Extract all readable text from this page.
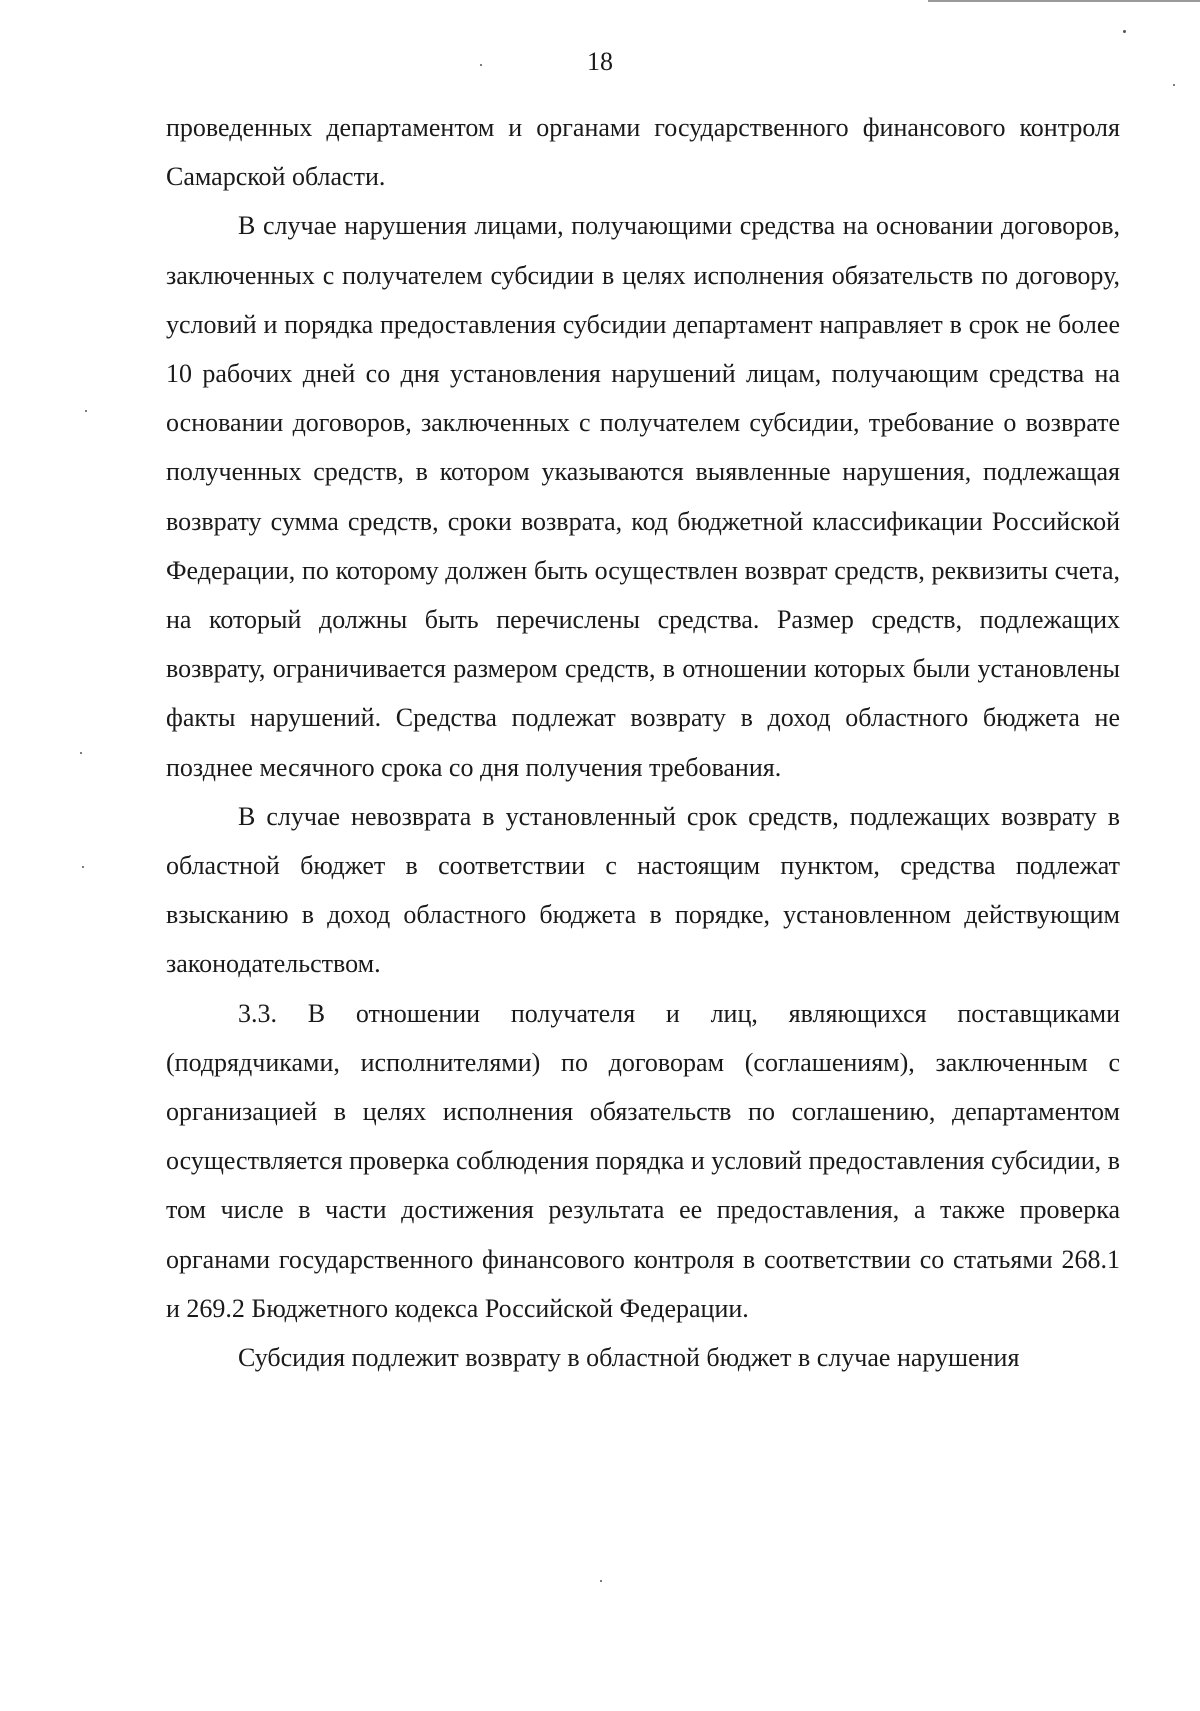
18

проведенных департаментом и органами государственного финансового контроля Самарской области.

В случае нарушения лицами, получающими средства на основании договоров, заключенных с получателем субсидии в целях исполнения обязательств по договору, условий и порядка предоставления субсидии департамент направляет в срок не более 10 рабочих дней со дня установления нарушений лицам, получающим средства на основании договоров, заключенных с получателем субсидии, требование о возврате полученных средств, в котором указываются выявленные нарушения, подлежащая возврату сумма средств, сроки возврата, код бюджетной классификации Российской Федерации, по которому должен быть осуществлен возврат средств, реквизиты счета, на который должны быть перечислены средства. Размер средств, подлежащих возврату, ограничивается размером средств, в отношении которых были установлены факты нарушений. Средства подлежат возврату в доход областного бюджета не позднее месячного срока со дня получения требования.

В случае невозврата в установленный срок средств, подлежащих возврату в областной бюджет в соответствии с настоящим пунктом, средства подлежат взысканию в доход областного бюджета в порядке, установленном действующим законодательством.

3.3. В отношении получателя и лиц, являющихся поставщиками (подрядчиками, исполнителями) по договорам (соглашениям), заключенным с организацией в целях исполнения обязательств по соглашению, департаментом осуществляется проверка соблюдения порядка и условий предоставления субсидии, в том числе в части достижения результата ее предоставления, а также проверка органами государственного финансового контроля в соответствии со статьями 268.1 и 269.2 Бюджетного кодекса Российской Федерации.

Субсидия подлежит возврату в областной бюджет в случае нарушения
